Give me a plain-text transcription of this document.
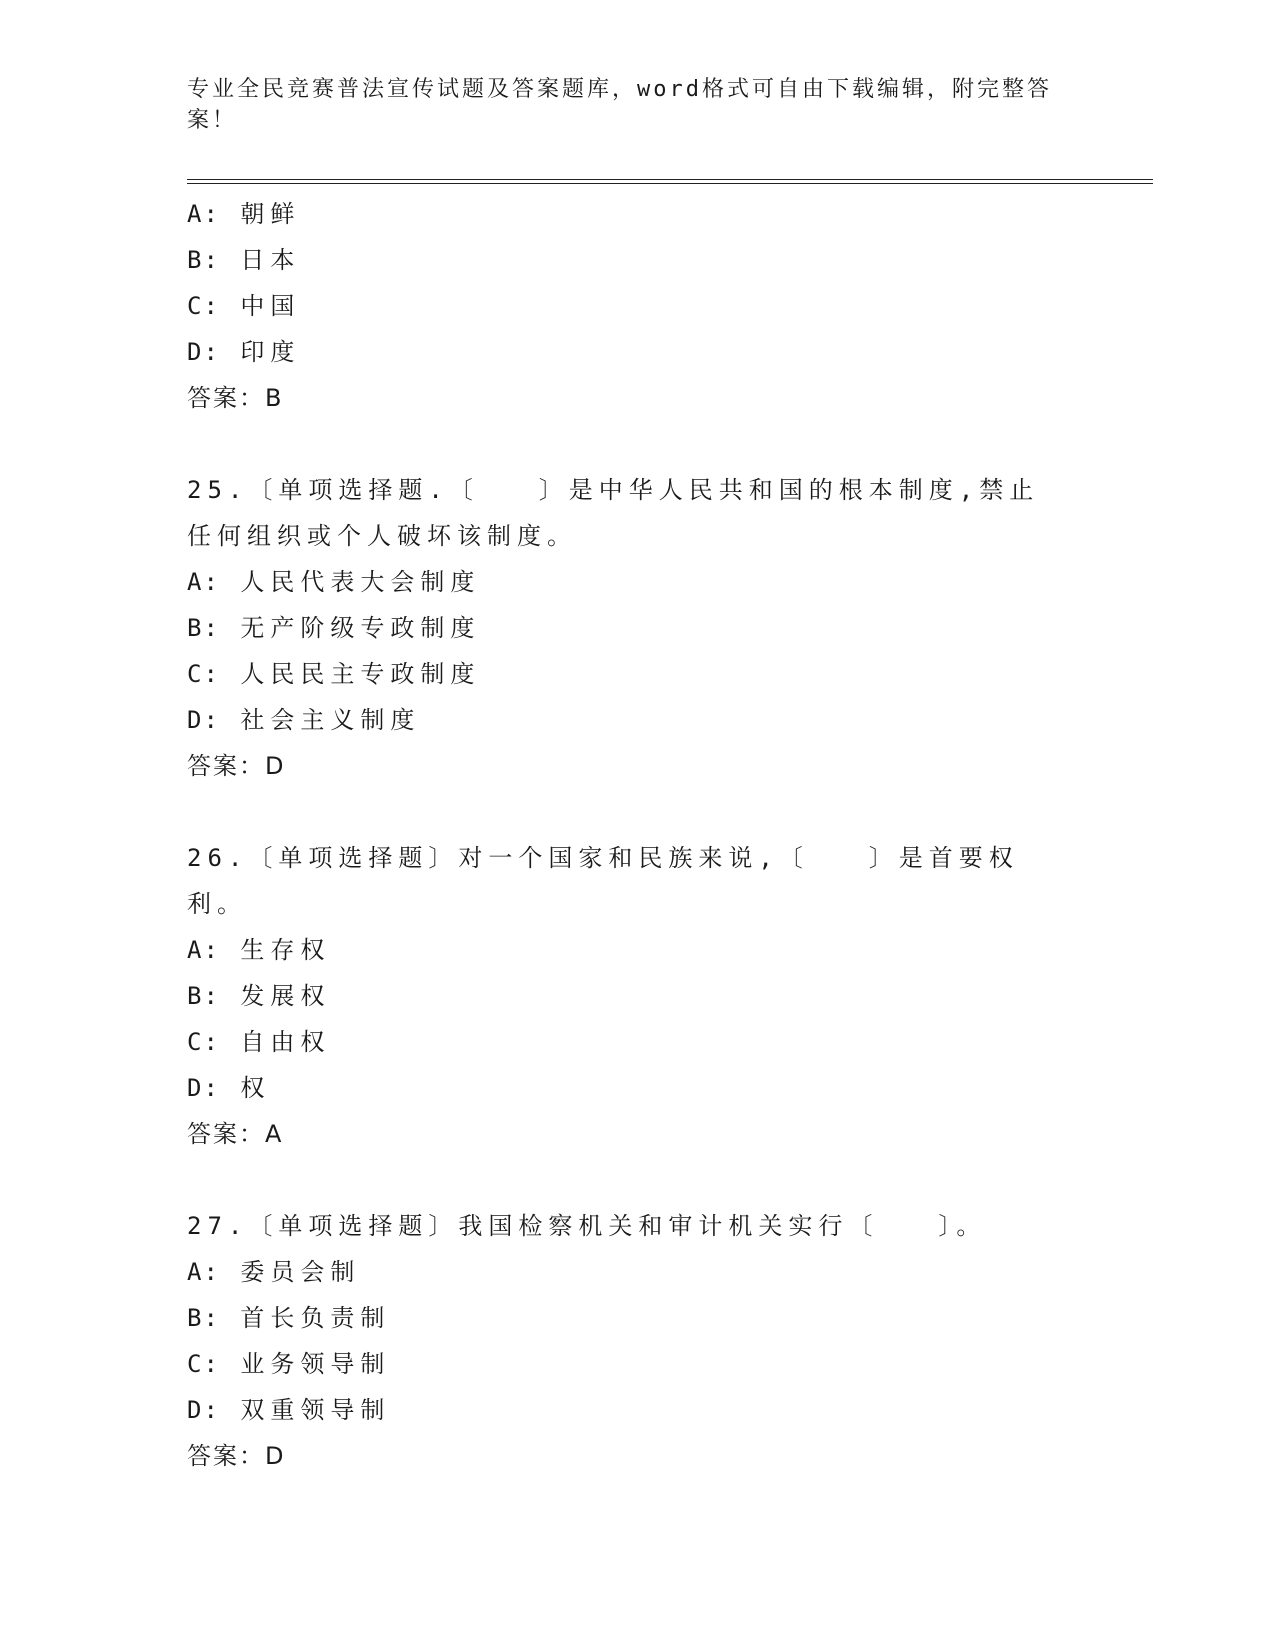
专业全民竞赛普法宣传试题及答案题库，word格式可自由下载编辑，附完整答案！
A: 朝鲜
B: 日本
C: 中国
D: 印度
答案：B
25.〔单项选择题.〔　　〕是中华人民共和国的根本制度,禁止任何组织或个人破坏该制度。
A: 人民代表大会制度
B: 无产阶级专政制度
C: 人民民主专政制度
D: 社会主义制度
答案：D
26.〔单项选择题〕对一个国家和民族来说,〔　　〕是首要权利。
A: 生存权
B: 发展权
C: 自由权
D: 权
答案：A
27.〔单项选择题〕我国检察机关和审计机关实行〔　　〕。
A: 委员会制
B: 首长负责制
C: 业务领导制
D: 双重领导制
答案：D
